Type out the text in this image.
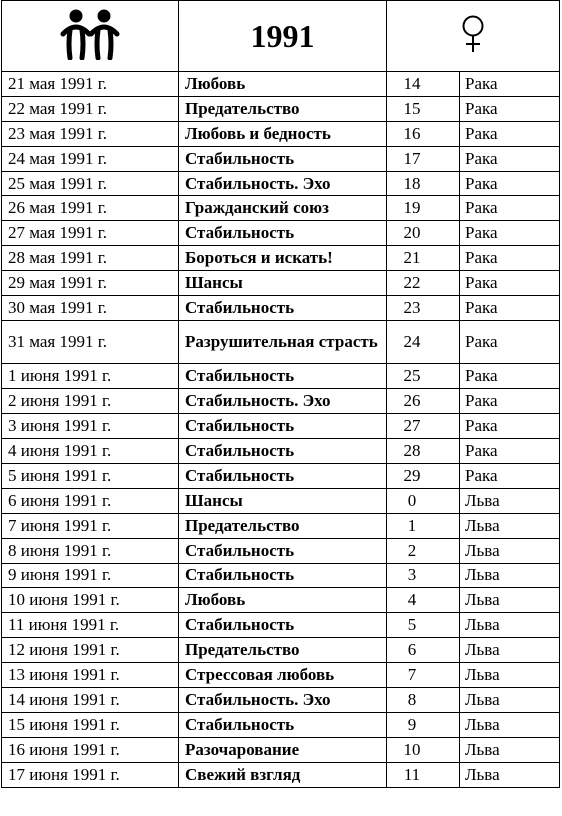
	1991	
21 мая 1991 г.	Любовь	14	Рака
22 мая 1991 г.	Предательство	15	Рака
23 мая 1991 г.	Любовь и бедность	16	Рака
24 мая 1991 г.	Стабильность	17	Рака
25 мая 1991 г.	Стабильность. Эхо	18	Рака
26 мая 1991 г.	Гражданский союз	19	Рака
27 мая 1991 г.	Стабильность	20	Рака
28 мая 1991 г.	Бороться и искать!	21	Рака
29 мая 1991 г.	Шансы	22	Рака
30 мая 1991 г.	Стабильность	23	Рака
31 мая 1991 г.	Разрушительная страсть	24	Рака
1 июня 1991 г.	Стабильность	25	Рака
2 июня 1991 г.	Стабильность. Эхо	26	Рака
3 июня 1991 г.	Стабильность	27	Рака
4 июня 1991 г.	Стабильность	28	Рака
5 июня 1991 г.	Стабильность	29	Рака
6 июня 1991 г.	Шансы	0	Льва
7 июня 1991 г.	Предательство	1	Льва
8 июня 1991 г.	Стабильность	2	Льва
9 июня 1991 г.	Стабильность	3	Льва
10 июня 1991 г.	Любовь	4	Льва
11 июня 1991 г.	Стабильность	5	Льва
12 июня 1991 г.	Предательство	6	Льва
13 июня 1991 г.	Стрессовая любовь	7	Льва
14 июня 1991 г.	Стабильность. Эхо	8	Льва
15 июня 1991 г.	Стабильность	9	Льва
16 июня 1991 г.	Разочарование	10	Льва
17 июня 1991 г.	Свежий взгляд	11	Льва
